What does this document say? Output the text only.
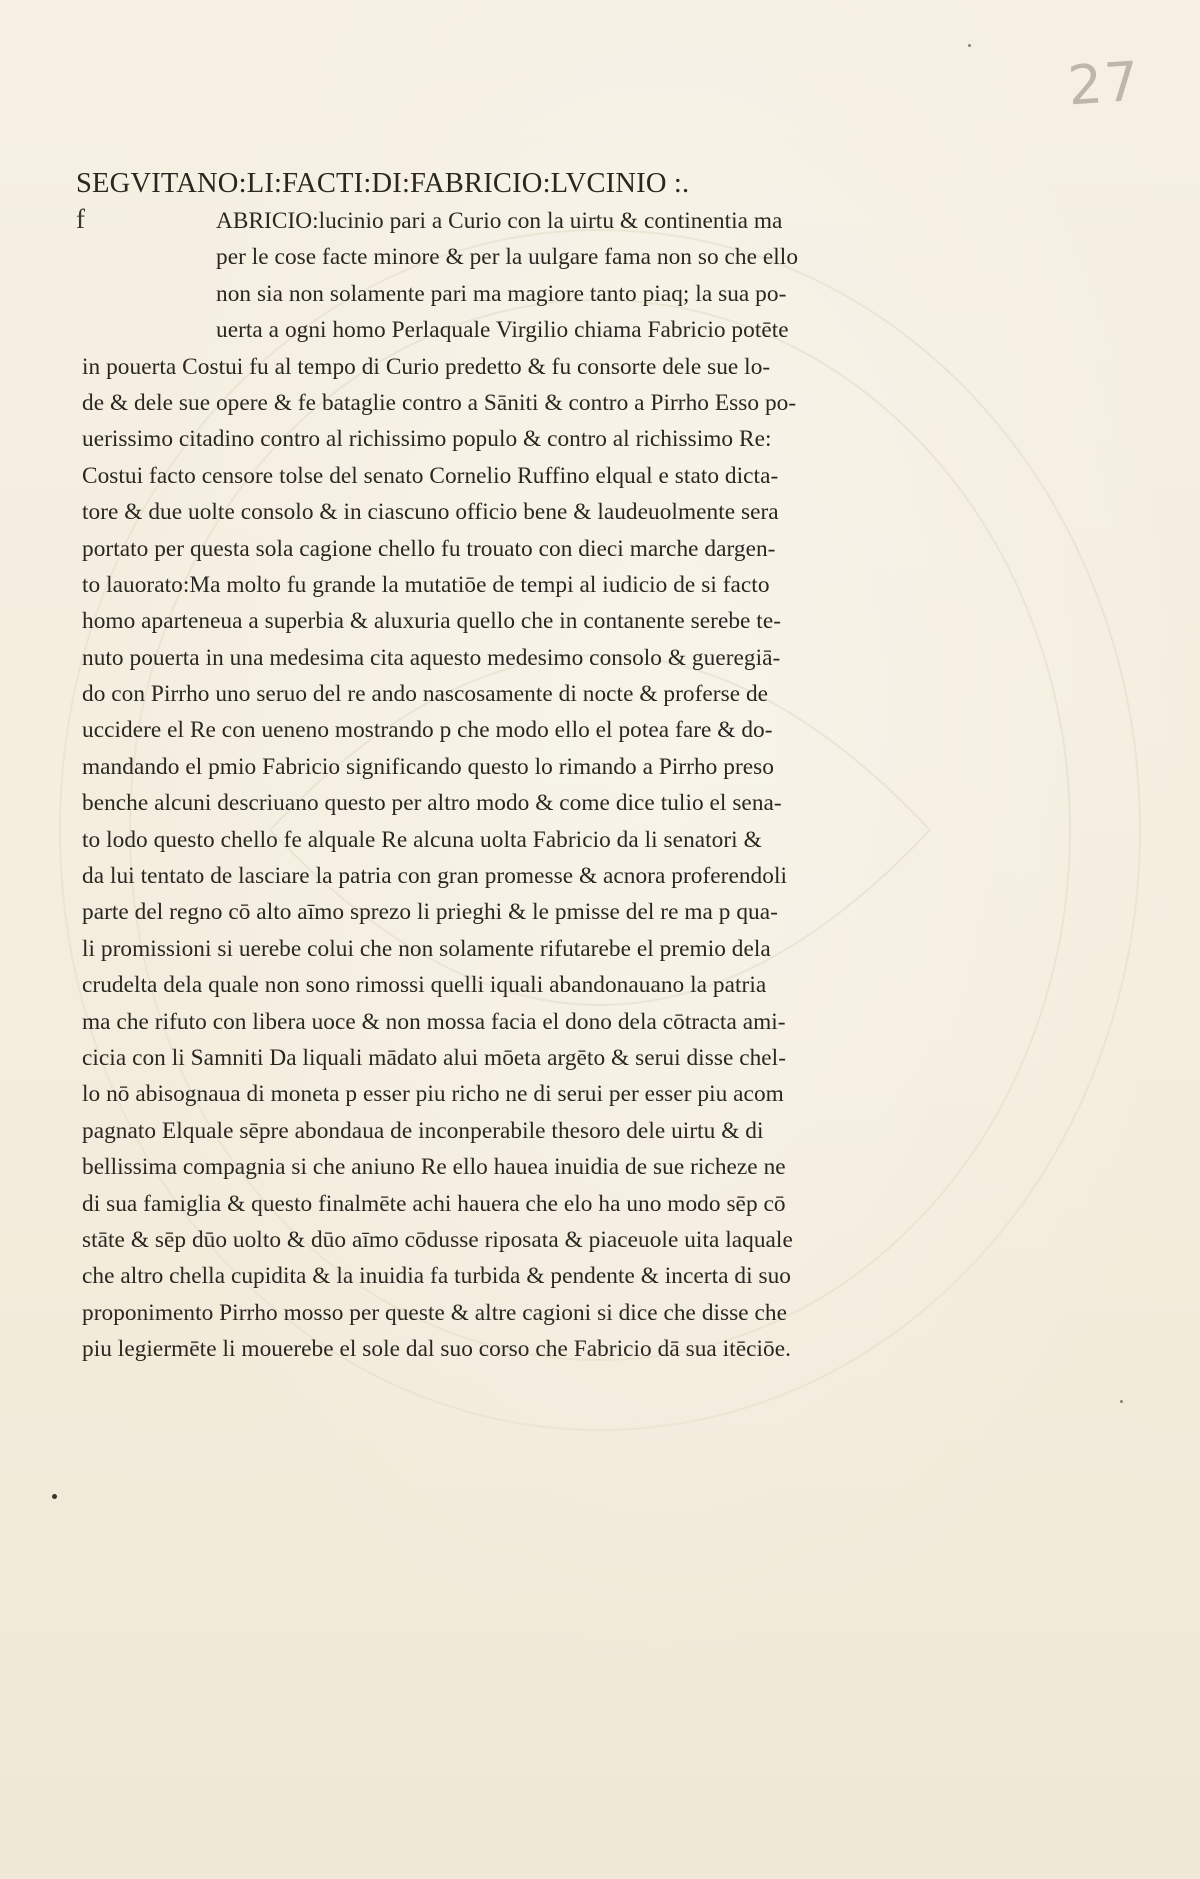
27
SEGVITANO:LI:FACTI:DI:FABRICIO:LVCINIO :.
f	ABRICIO:lucinio pari a Curio con la uirtu & continentia ma
per le cose facte minore & per la uulgare fama non so che ello
non sia non solamente pari ma magiore tanto piaq; la sua po-
uerta a ogni homo Perlaquale Virgilio chiama Fabricio potēte
in pouerta Costui fu al tempo di Curio predetto & fu consorte dele sue lo-
de & dele sue opere & fe bataglie contro a Sāniti & contro a Pirrho Esso po-
uerissimo citadino contro al richissimo populo & contro al richissimo Re:
Costui facto censore tolse del senato Cornelio Ruffino elqual e stato dicta-
tore & due uolte consolo & in ciascuno officio bene & laudeuolmente sera
portato per questa sola cagione chello fu trouato con dieci marche dargen-
to lauorato:Ma molto fu grande la mutatiōe de tempi al iudicio de si facto
homo aparteneua a superbia & aluxuria quello che in contanente serebe te-
nuto pouerta in una medesima cita aquesto medesimo consolo & gueregiā-
do con Pirrho uno seruo del re ando nascosamente di nocte & proferse de
uccidere el Re con ueneno mostrando p che modo ello el potea fare & do-
mandando el pmio Fabricio significando questo lo rimando a Pirrho preso
benche alcuni descriuano questo per altro modo & come dice tulio el sena-
to lodo questo chello fe alquale Re alcuna uolta Fabricio da li senatori &
da lui tentato de lasciare la patria con gran promesse & acnora proferendoli
parte del regno cō alto aīmo sprezo li prieghi & le pmisse del re ma p qua-
li promissioni si uerebe colui che non solamente rifutarebe el premio dela
crudelta dela quale non sono rimossi quelli iquali abandonauano la patria
ma che rifuto con libera uoce & non mossa facia el dono dela cōtracta ami-
cicia con li Samniti Da liquali mādato alui mōeta argēto & serui disse chel-
lo nō abisognaua di moneta p esser piu richo ne di serui per esser piu acom
pagnato Elquale sēpre abondaua de inconperabile thesoro dele uirtu & di
bellissima compagnia si che aniuno Re ello hauea inuidia de sue richeze ne
di sua famiglia & questo finalmēte achi hauera che elo ha uno modo sēp cō
stāte & sēp dūo uolto & dūo aīmo cōdusse riposata & piaceuole uita laquale
che altro chella cupidita & la inuidia fa turbida & pendente & incerta di suo
proponimento Pirrho mosso per queste & altre cagioni si dice che disse che
piu legiermēte li mouerebe el sole dal suo corso che Fabricio dā sua itēciōe.
